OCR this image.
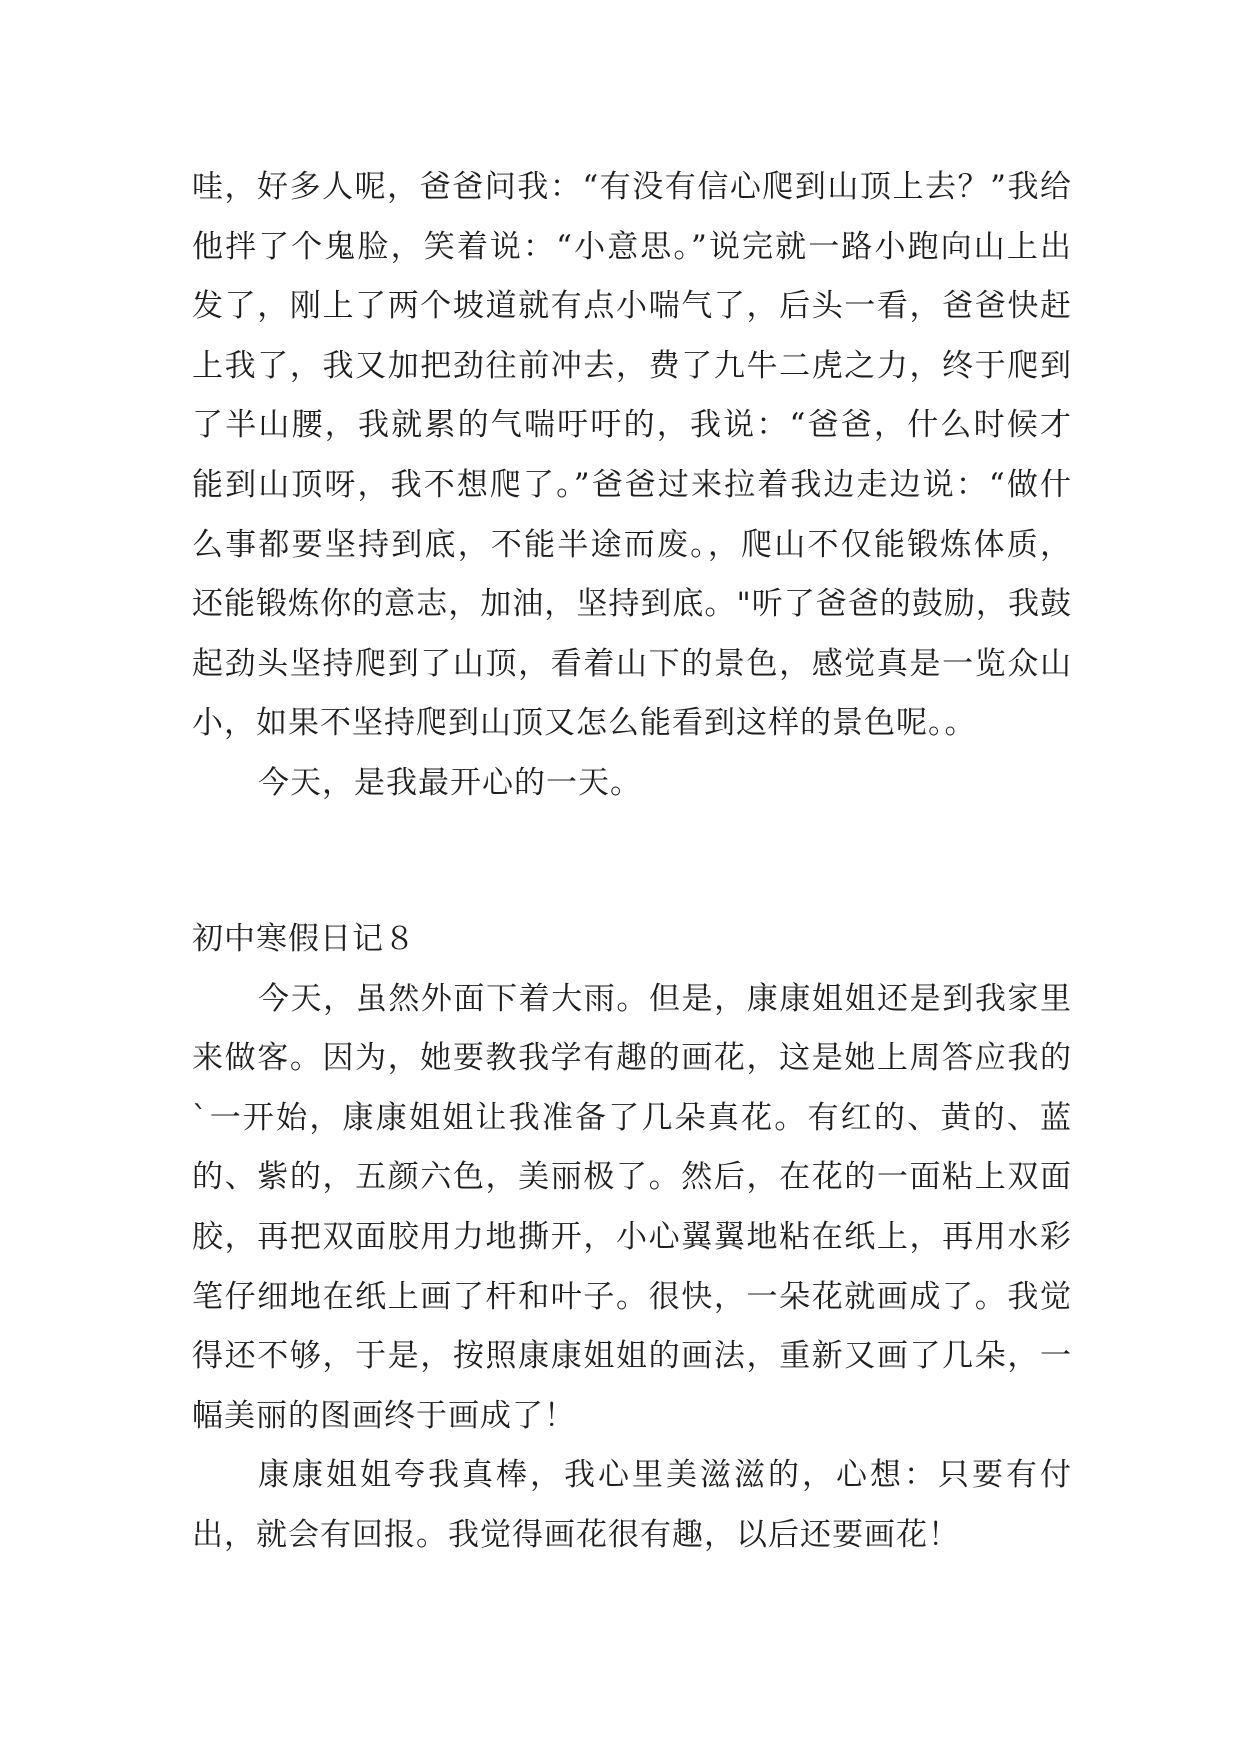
哇，好多人呢，爸爸问我：“有没有信心爬到山顶上去？”我给他拌了个鬼脸，笑着说：“小意思。”说完就一路小跑向山上出发了，刚上了两个坡道就有点小喘气了，后头一看，爸爸快赶上我了，我又加把劲往前冲去，费了九牛二虎之力，终于爬到了半山腰，我就累的气喘吁吁的，我说：“爸爸，什么时候才能到山顶呀，我不想爬了。”爸爸过来拉着我边走边说：“做什么事都要坚持到底，不能半途而废。，爬山不仅能锻炼体质，还能锻炼你的意志，加油，坚持到底。"听了爸爸的鼓励，我鼓起劲头坚持爬到了山顶，看着山下的景色，感觉真是一览众山小，如果不坚持爬到山顶又怎么能看到这样的景色呢。。

今天，是我最开心的一天。

初中寒假日记８

今天，虽然外面下着大雨。但是，康康姐姐还是到我家里来做客。因为，她要教我学有趣的画花，这是她上周答应我的`一开始，康康姐姐让我准备了几朵真花。有红的、黄的、蓝的、紫的，五颜六色，美丽极了。然后，在花的一面粘上双面胶，再把双面胶用力地撕开，小心翼翼地粘在纸上，再用水彩笔仔细地在纸上画了杆和叶子。很快，一朵花就画成了。我觉得还不够，于是，按照康康姐姐的画法，重新又画了几朵，一幅美丽的图画终于画成了！

康康姐姐夸我真棒，我心里美滋滋的，心想：只要有付出，就会有回报。我觉得画花很有趣，以后还要画花！
